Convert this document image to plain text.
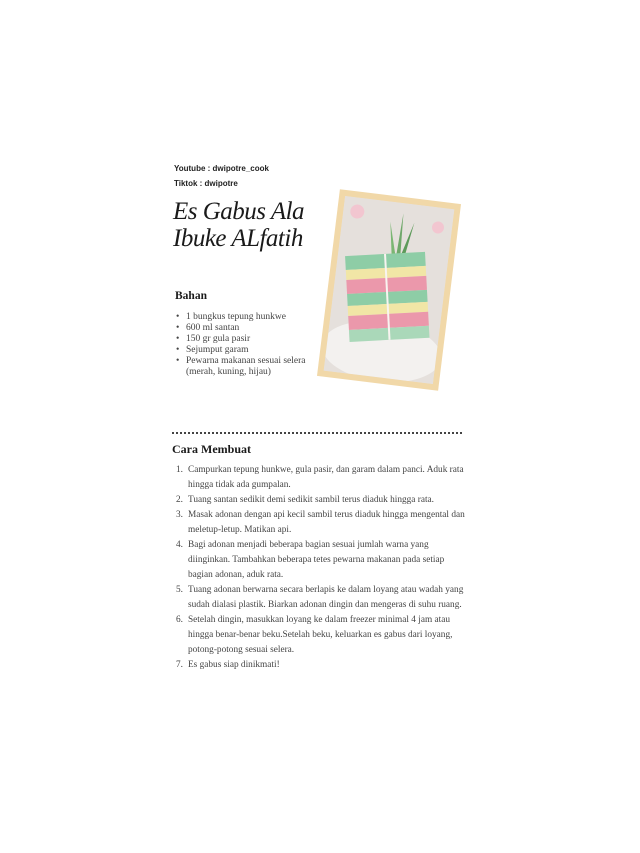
Youtube : dwipotre_cook
Tiktok : dwipotre
Es Gabus Ala
Ibuke ALfatih
Bahan
• 1 bungkus tepung hunkwe
• 600 ml santan
• 150 gr gula pasir
• Sejumput garam
• Pewarna makanan sesuai selera (merah, kuning, hijau)
Cara Membuat
1. Campurkan tepung hunkwe, gula pasir, dan garam dalam panci. Aduk rata hingga tidak ada gumpalan.
2. Tuang santan sedikit demi sedikit sambil terus diaduk hingga rata.
3. Masak adonan dengan api kecil sambil terus diaduk hingga mengental dan meletup-letup. Matikan api.
4. Bagi adonan menjadi beberapa bagian sesuai jumlah warna yang diinginkan. Tambahkan beberapa tetes pewarna makanan pada setiap bagian adonan, aduk rata.
5. Tuang adonan berwarna secara berlapis ke dalam loyang atau wadah yang sudah dialasi plastik. Biarkan adonan dingin dan mengeras di suhu ruang.
6. Setelah dingin, masukkan loyang ke dalam freezer minimal 4 jam atau hingga benar-benar beku.Setelah beku, keluarkan es gabus dari loyang, potong-potong sesuai selera.
7. Es gabus siap dinikmati!
